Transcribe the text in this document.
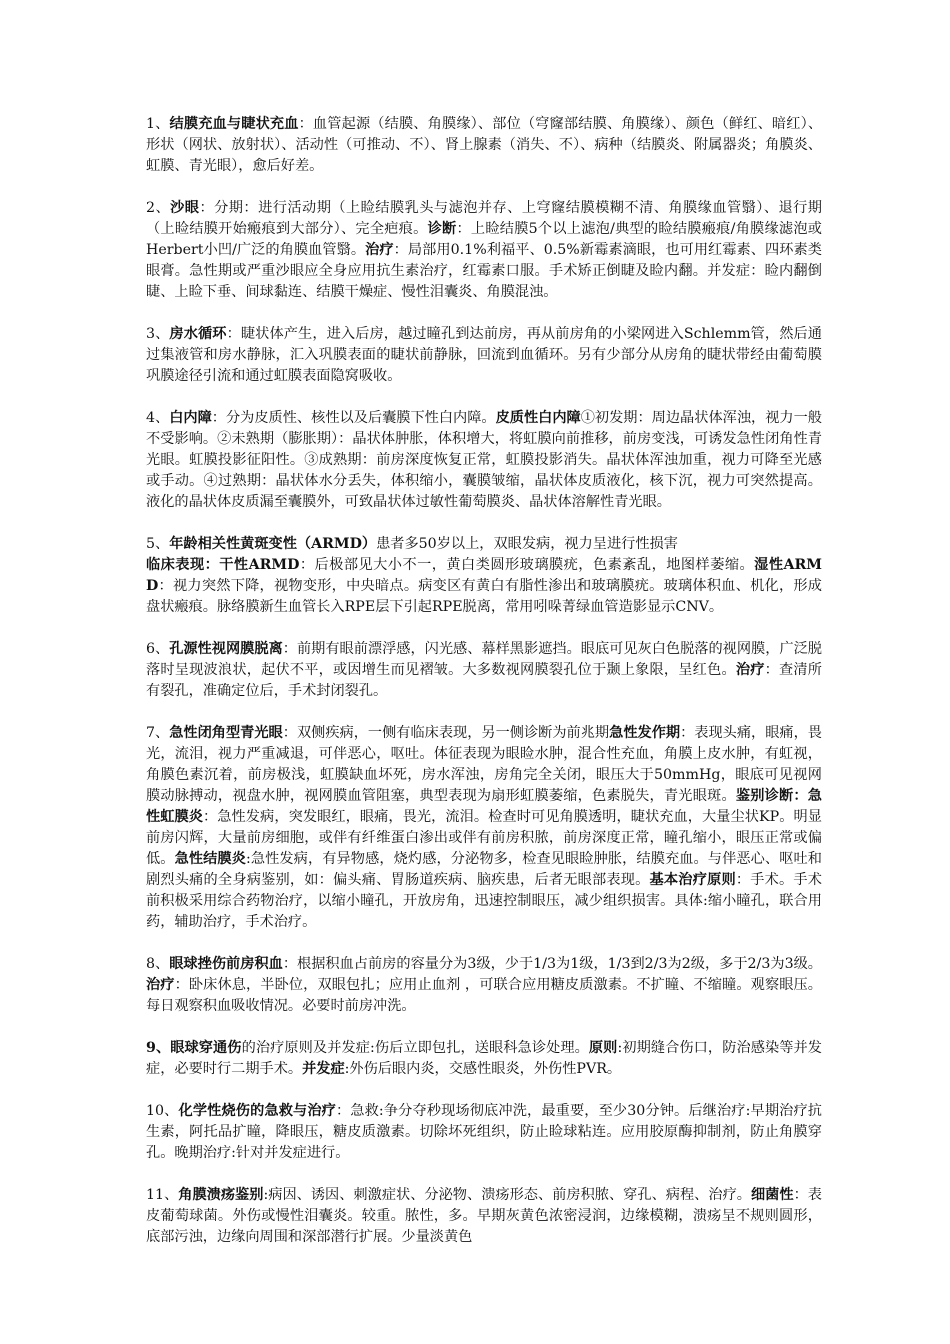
1、结膜充血与睫状充血：血管起源（结膜、角膜缘）、部位（穹窿部结膜、角膜缘）、颜色（鲜红、暗红）、形状（网状、放射状）、活动性（可推动、不）、肾上腺素（消失、不）、病种（结膜炎、附属器炎；角膜炎、虹膜、青光眼），愈后好差。

2、沙眼：分期：进行活动期（上睑结膜乳头与滤泡并存、上穹窿结膜模糊不清、角膜缘血管翳）、退行期（上睑结膜开始瘢痕到大部分）、完全疤痕。诊断：上睑结膜5个以上滤泡/典型的睑结膜瘢痕/角膜缘滤泡或Herbert小凹/广泛的角膜血管翳。治疗：局部用0.1%利福平、0.5%新霉素滴眼，也可用红霉素、四环素类眼膏。急性期或严重沙眼应全身应用抗生素治疗，红霉素口服。手术矫正倒睫及睑内翻。并发症：睑内翻倒睫、上睑下垂、间球黏连、结膜干燥症、慢性泪囊炎、角膜混浊。

3、房水循环：睫状体产生，进入后房，越过瞳孔到达前房，再从前房角的小梁网进入Schlemm管，然后通过集液管和房水静脉，汇入巩膜表面的睫状前静脉，回流到血循环。另有少部分从房角的睫状带经由葡萄膜巩膜途径引流和通过虹膜表面隐窝吸收。

4、白内障：分为皮质性、核性以及后囊膜下性白内障。皮质性白内障①初发期：周边晶状体浑浊，视力一般不受影响。②未熟期（膨胀期）：晶状体肿胀，体积增大，将虹膜向前推移，前房变浅，可诱发急性闭角性青光眼。虹膜投影征阳性。③成熟期：前房深度恢复正常，虹膜投影消失。晶状体浑浊加重，视力可降至光感或手动。④过熟期：晶状体水分丢失，体积缩小，囊膜皱缩，晶状体皮质液化，核下沉，视力可突然提高。液化的晶状体皮质漏至囊膜外，可致晶状体过敏性葡萄膜炎、晶状体溶解性青光眼。

5、年龄相关性黄斑变性（ARMD）患者多50岁以上，双眼发病，视力呈进行性损害
临床表现：干性ARMD：后极部见大小不一，黄白类圆形玻璃膜疣，色素紊乱，地图样萎缩。湿性ARMD：视力突然下降，视物变形，中央暗点。病变区有黄白有脂性渗出和玻璃膜疣。玻璃体积血、机化，形成盘状瘢痕。脉络膜新生血管长入RPE层下引起RPE脱离，常用吲哚菁绿血管造影显示CNV。

6、孔源性视网膜脱离：前期有眼前漂浮感，闪光感、幕样黑影遮挡。眼底可见灰白色脱落的视网膜，广泛脱落时呈现波浪状，起伏不平，或因增生而见褶皱。大多数视网膜裂孔位于颞上象限，呈红色。治疗：查清所有裂孔，准确定位后，手术封闭裂孔。

7、急性闭角型青光眼：双侧疾病，一侧有临床表现，另一侧诊断为前兆期急性发作期：表现头痛，眼痛，畏光，流泪，视力严重减退，可伴恶心，呕吐。体征表现为眼睑水肿，混合性充血，角膜上皮水肿，有虹视，角膜色素沉着，前房极浅，虹膜缺血坏死，房水浑浊，房角完全关闭，眼压大于50mmHg，眼底可见视网膜动脉搏动，视盘水肿，视网膜血管阻塞，典型表现为扇形虹膜萎缩，色素脱失，青光眼斑。鉴别诊断：急性虹膜炎：急性发病，突发眼红，眼痛，畏光，流泪。检查时可见角膜透明，睫状充血，大量尘状KP。明显前房闪辉，大量前房细胞，或伴有纤维蛋白渗出或伴有前房积脓，前房深度正常，瞳孔缩小，眼压正常或偏低。急性结膜炎:急性发病，有异物感，烧灼感，分泌物多，检查见眼睑肿胀，结膜充血。与伴恶心、呕吐和剧烈头痛的全身病鉴别，如：偏头痛、胃肠道疾病、脑疾患，后者无眼部表现。基本治疗原则：手术。手术前积极采用综合药物治疗，以缩小瞳孔，开放房角，迅速控制眼压，减少组织损害。具体:缩小瞳孔，联合用药，辅助治疗，手术治疗。

8、眼球挫伤前房积血：根据积血占前房的容量分为3级，少于1/3为1级，1/3到2/3为2级，多于2/3为3级。治疗：卧床休息，半卧位，双眼包扎；应用止血剂 ，可联合应用糖皮质激素。不扩瞳、不缩瞳。观察眼压。每日观察积血吸收情况。必要时前房冲洗。

9、眼球穿通伤的治疗原则及并发症:伤后立即包扎，送眼科急诊处理。原则:初期缝合伤口，防治感染等并发症，必要时行二期手术。并发症:外伤后眼内炎，交感性眼炎，外伤性PVR。

10、化学性烧伤的急救与治疗：急救:争分夺秒现场彻底冲洗，最重要，至少30分钟。后继治疗:早期治疗抗生素，阿托品扩瞳，降眼压，糖皮质激素。切除坏死组织，防止睑球粘连。应用胶原酶抑制剂，防止角膜穿孔。晚期治疗:针对并发症进行。

11、角膜溃疡鉴别:病因、诱因、刺激症状、分泌物、溃疡形态、前房积脓、穿孔、病程、治疗。细菌性：表皮葡萄球菌。外伤或慢性泪囊炎。较重。脓性，多。早期灰黄色浓密浸润，边缘模糊，溃疡呈不规则圆形，底部污浊，边缘向周围和深部潜行扩展。少量淡黄色
